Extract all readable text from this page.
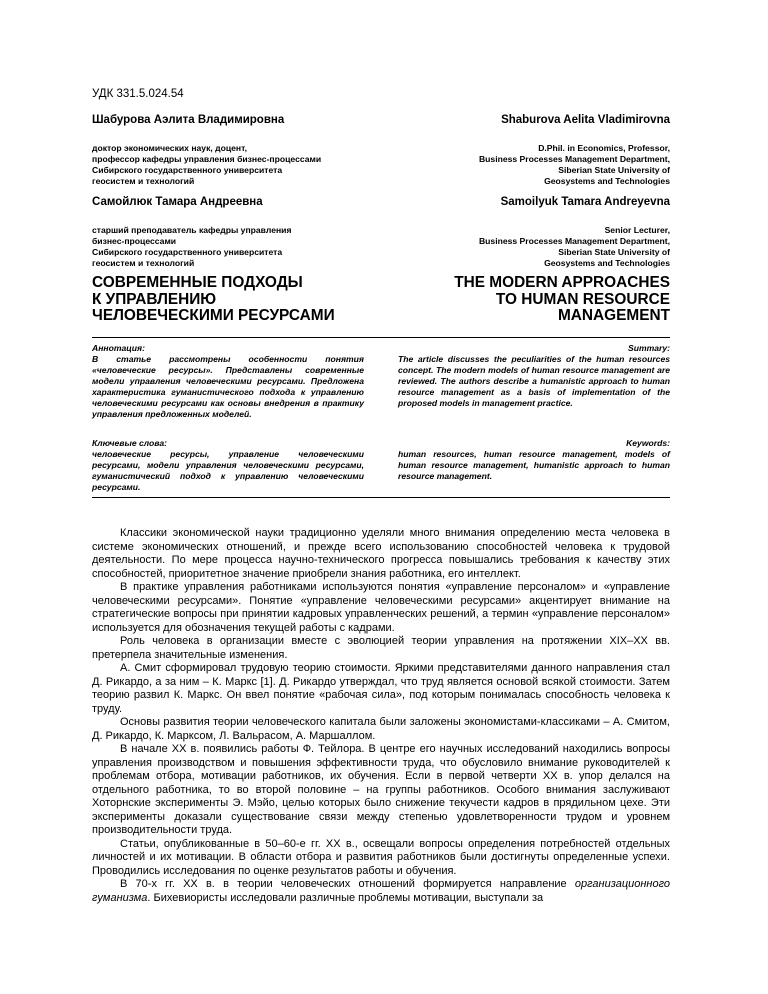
УДК 331.5.024.54
Шабурова Аэлита Владимировна	Shaburova Aelita Vladimirovna
доктор экономических наук, доцент,
профессор кафедры управления бизнес-процессами
Сибирского государственного университета
геосистем и технологий
D.Phil. in Economics, Professor,
Business Processes Management Department,
Siberian State University of
Geosystems and Technologies
Самойлюк Тамара Андреевна	Samoilyuk Tamara Andreyevna
старший преподаватель кафедры управления
бизнес-процессами
Сибирского государственного университета
геосистем и технологий
Senior Lecturer,
Business Processes Management Department,
Siberian State University of
Geosystems and Technologies
СОВРЕМЕННЫЕ ПОДХОДЫ
К УПРАВЛЕНИЮ
ЧЕЛОВЕЧЕСКИМИ РЕСУРСАМИ
THE MODERN APPROACHES
TO HUMAN RESOURCE
MANAGEMENT
Аннотация:
В статье рассмотрены особенности понятия «человеческие ресурсы». Представлены современные модели управления человеческими ресурсами. Предложена характеристика гуманистического подхода к управлению человеческими ресурсами как основы внедрения в практику управления предложенных моделей.
Summary:
The article discusses the peculiarities of the human resources concept. The modern models of human resource management are reviewed. The authors describe a humanistic approach to human resource management as a basis of implementation of the proposed models in management practice.
Ключевые слова:
человеческие ресурсы, управление человеческими ресурсами, модели управления человеческими ресурсами, гуманистический подход к управлению человеческими ресурсами.
Keywords:
human resources, human resource management, models of human resource management, humanistic approach to human resource management.

Классики экономической науки традиционно уделяли много внимания определению места человека в системе экономических отношений, и прежде всего использованию способностей человека к трудовой деятельности. По мере процесса научно-технического прогресса повышались требования к качеству этих способностей, приоритетное значение приобрели знания работника, его интеллект.

В практике управления работниками используются понятия «управление персоналом» и «управление человеческими ресурсами». Понятие «управление человеческими ресурсами» акцентирует внимание на стратегические вопросы при принятии кадровых управленческих решений, а термин «управление персоналом» используется для обозначения текущей работы с кадрами.

Роль человека в организации вместе с эволюцией теории управления на протяжении XIX–XX вв. претерпела значительные изменения.

А. Смит сформировал трудовую теорию стоимости. Яркими представителями данного направления стал Д. Рикардо, а за ним – К. Маркс [1]. Д. Рикардо утверждал, что труд является основой всякой стоимости. Затем теорию развил К. Маркс. Он ввел понятие «рабочая сила», под которым понималась способность человека к труду.

Основы развития теории человеческого капитала были заложены экономистами-классиками – А. Смитом, Д. Рикардо, К. Марксом, Л. Вальрасом, А. Маршаллом.

В начале XX в. появились работы Ф. Тейлора. В центре его научных исследований находились вопросы управления производством и повышения эффективности труда, что обусловило внимание руководителей к проблемам отбора, мотивации работников, их обучения. Если в первой четверти XX в. упор делался на отдельного работника, то во второй половине – на группы работников. Особого внимания заслуживают Хоторнские эксперименты Э. Мэйо, целью которых было снижение текучести кадров в прядильном цехе. Эти эксперименты доказали существование связи между степенью удовлетворенности трудом и уровнем производительности труда.

Статьи, опубликованные в 50–60-е гг. XX в., освещали вопросы определения потребностей отдельных личностей и их мотивации. В области отбора и развития работников были достигнуты определенные успехи. Проводились исследования по оценке результатов работы и обучения.

В 70-х гг. XX в. в теории человеческих отношений формируется направление организационного гуманизма. Бихевиористы исследовали различные проблемы мотивации, выступали за
